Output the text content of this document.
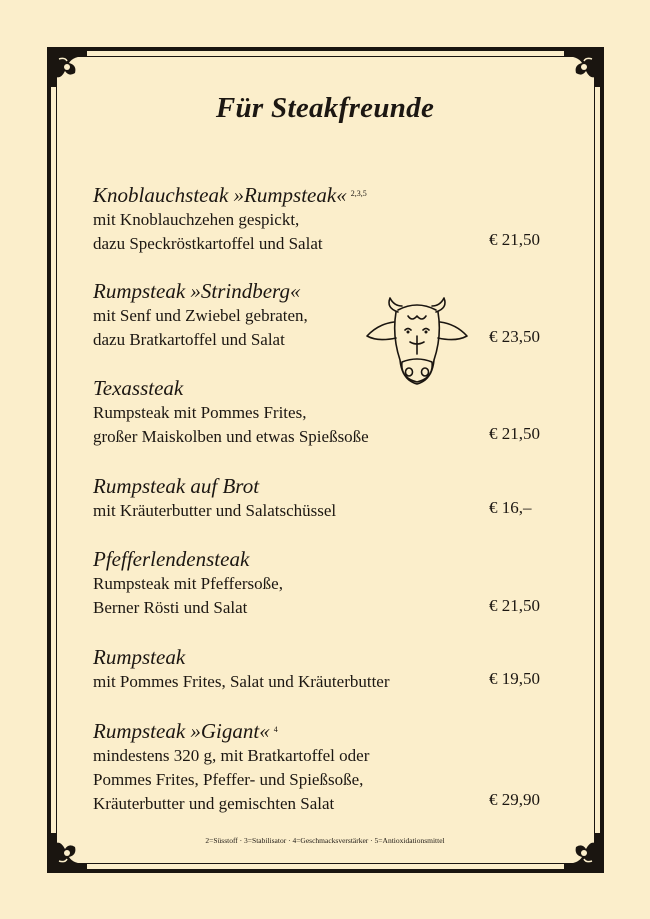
Für Steakfreunde
Knoblauchsteak »Rumpsteak« $^{2,3,5}$
mit Knoblauchzehen gespickt,
dazu Speckröstkartoffel und Salat	€ 21,50
Rumpsteak »Strindberg«
mit Senf und Zwiebel gebraten,
dazu Bratkartoffel und Salat	€ 23,50
Texassteak
Rumpsteak mit Pommes Frites,
großer Maiskolben und etwas Spießsoße	€ 21,50
Rumpsteak auf Brot
mit Kräuterbutter und Salatschüssel	€ 16,–
Pfefferlendensteak
Rumpsteak mit Pfeffersoße,
Berner Rösti und Salat	€ 21,50
Rumpsteak
mit Pommes Frites, Salat und Kräuterbutter	€ 19,50
Rumpsteak »Gigant« $^4$
mindestens 320 g, mit Bratkartoffel oder
Pommes Frites, Pfeffer- und Spießsoße,
Kräuterbutter und gemischten Salat	€ 29,90
2=Süsstoff · 3=Stabilisator · 4=Geschmacksverstärker · 5=Antioxidationsmittel
